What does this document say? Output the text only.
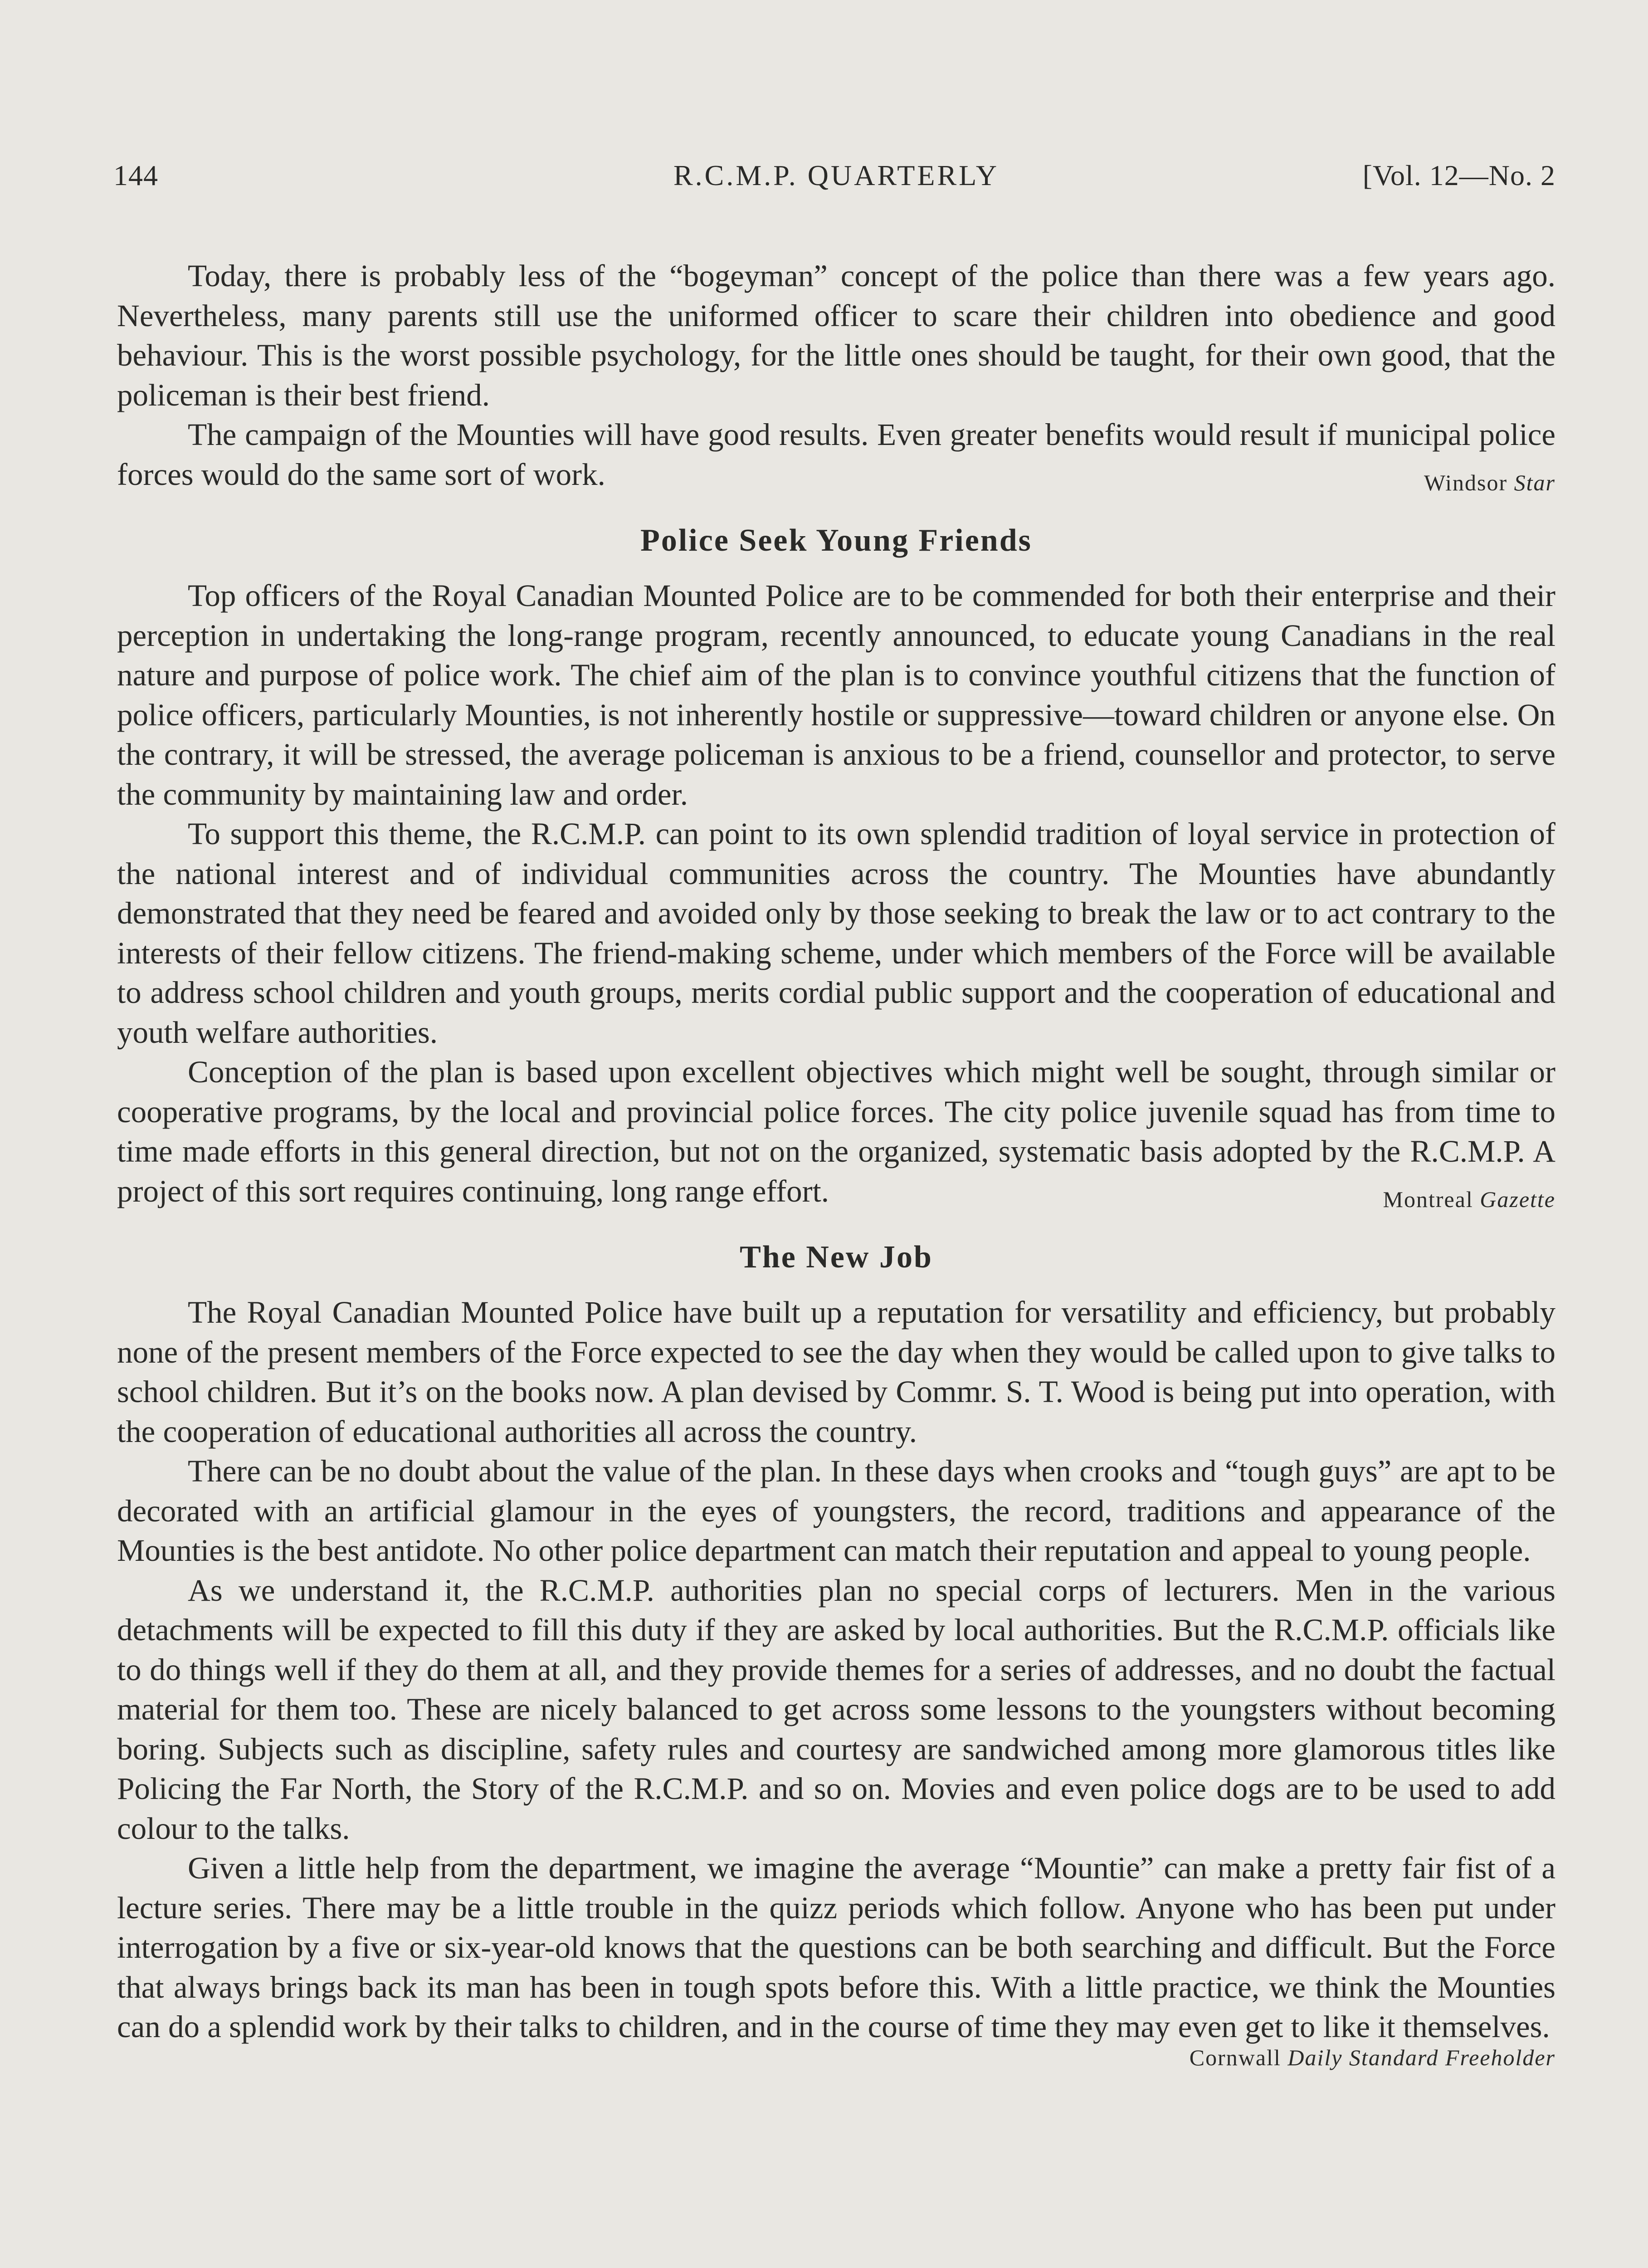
144	R.C.M.P. QUARTERLY	[Vol. 12—No. 2

Today, there is probably less of the “bogeyman” concept of the police than there was a few years ago. Nevertheless, many parents still use the uniformed officer to scare their children into obedience and good behaviour. This is the worst possible psychology, for the little ones should be taught, for their own good, that the policeman is their best friend.

The campaign of the Mounties will have good results. Even greater benefits would result if municipal police forces would do the same sort of work.	Windsor Star

Police Seek Young Friends

Top officers of the Royal Canadian Mounted Police are to be commended for both their enterprise and their perception in undertaking the long-range program, recently announced, to educate young Canadians in the real nature and purpose of police work. The chief aim of the plan is to convince youthful citizens that the function of police officers, particularly Mounties, is not inherently hostile or suppressive—toward children or anyone else. On the contrary, it will be stressed, the average policeman is anxious to be a friend, counsellor and protector, to serve the community by maintaining law and order.

To support this theme, the R.C.M.P. can point to its own splendid tradition of loyal service in protection of the national interest and of individual communities across the country. The Mounties have abundantly demonstrated that they need be feared and avoided only by those seeking to break the law or to act contrary to the interests of their fellow citizens. The friend-making scheme, under which members of the Force will be available to address school children and youth groups, merits cordial public support and the cooperation of educational and youth welfare authorities.

Conception of the plan is based upon excellent objectives which might well be sought, through similar or cooperative programs, by the local and provincial police forces. The city police juvenile squad has from time to time made efforts in this general direction, but not on the organized, systematic basis adopted by the R.C.M.P. A project of this sort requires continuing, long range effort.	Montreal Gazette

The New Job

The Royal Canadian Mounted Police have built up a reputation for versatility and efficiency, but probably none of the present members of the Force expected to see the day when they would be called upon to give talks to school children. But it’s on the books now. A plan devised by Commr. S. T. Wood is being put into operation, with the cooperation of educational authorities all across the country.

There can be no doubt about the value of the plan. In these days when crooks and “tough guys” are apt to be decorated with an artificial glamour in the eyes of youngsters, the record, traditions and appearance of the Mounties is the best antidote. No other police department can match their reputation and appeal to young people.

As we understand it, the R.C.M.P. authorities plan no special corps of lecturers. Men in the various detachments will be expected to fill this duty if they are asked by local authorities. But the R.C.M.P. officials like to do things well if they do them at all, and they provide themes for a series of addresses, and no doubt the factual material for them too. These are nicely balanced to get across some lessons to the youngsters without becoming boring. Subjects such as discipline, safety rules and courtesy are sandwiched among more glamorous titles like Policing the Far North, the Story of the R.C.M.P. and so on. Movies and even police dogs are to be used to add colour to the talks.

Given a little help from the department, we imagine the average “Mountie” can make a pretty fair fist of a lecture series. There may be a little trouble in the quizz periods which follow. Anyone who has been put under interrogation by a five or six-year-old knows that the questions can be both searching and difficult. But the Force that always brings back its man has been in tough spots before this. With a little practice, we think the Mounties can do a splendid work by their talks to children, and in the course of time they may even get to like it themselves.

Cornwall Daily Standard Freeholder
